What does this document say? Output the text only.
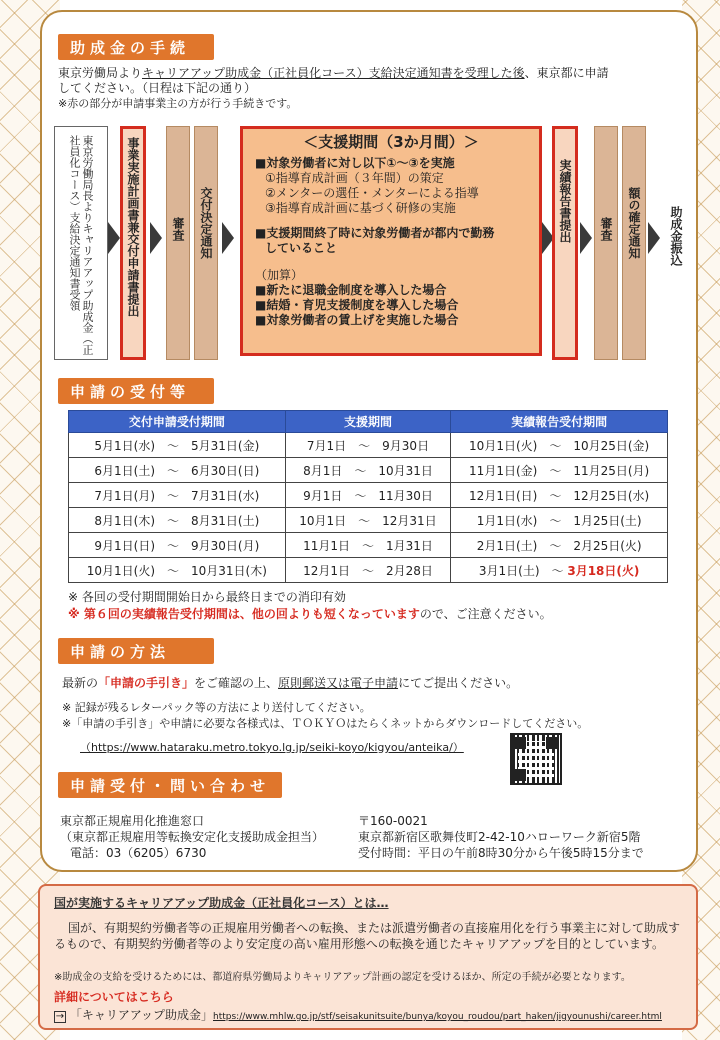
助成金の手続
東京労働局よりキャリアアップ助成金（正社員化コース）支給決定通知書を受理した後、東京都に申請
してください。（日程は下記の通り）
※赤の部分が申請事業主の方が行う手続きです。
東京労働局長よりキャリアアップ助成金（正社員化コース）支給決定通知書受領	事業実施計画書兼交付申請書提出	審査	交付決定通知
＜支援期間（3か月間）＞
■対象労働者に対し以下①～③を実施
①指導育成計画（３年間）の策定
②メンターの選任・メンターによる指導
③指導育成計画に基づく研修の実施
■支援期間終了時に対象労働者が都内で勤務
していること
（加算）
■新たに退職金制度を導入した場合
■結婚・育児支援制度を導入した場合
■対象労働者の賃上げを実施した場合
実績報告書提出	審査	額の確定通知	助成金振込
申請の受付等
交付申請受付期間	支援期間	実績報告受付期間
5月1日(水)　～　5月31日(金)	7月1日　～　9月30日	10月1日(火)　～　10月25日(金)
6月1日(土)　～　6月30日(日)	8月1日　～　10月31日	11月1日(金)　～　11月25日(月)
7月1日(月)　～　7月31日(水)	9月1日　～　11月30日	12月1日(日)　～　12月25日(水)
8月1日(木)　～　8月31日(土)	10月1日　～　12月31日	1月1日(水)　～　1月25日(土)
9月1日(日)　～　9月30日(月)	11月1日　～　1月31日	2月1日(土)　～　2月25日(火)
10月1日(火)　～　10月31日(木)	12月1日　～　2月28日	3月1日(土)　～ 3月18日(火)
※ 各回の受付期間開始日から最終日までの消印有効
※ 第６回の実績報告受付期間は、他の回よりも短くなっていますので、ご注意ください。
申請の方法
最新の「申請の手引き」をご確認の上、原則郵送又は電子申請にてご提出ください。
※ 記録が残るレターパック等の方法により送付してください。
※「申請の手引き」や申請に必要な各様式は、ＴＯＫＹＯはたらくネットからダウンロードしてください。
（https://www.hataraku.metro.tokyo.lg.jp/seiki-koyo/kigyou/anteika/）
申請受付・問い合わせ
東京都正規雇用化推進窓口
（東京都正規雇用等転換安定化支援助成金担当）
電話：03（6205）6730
〒160-0021
東京都新宿区歌舞伎町2-42-10ハローワーク新宿5階
受付時間：平日の午前8時30分から午後5時15分まで
国が実施するキャリアアップ助成金（正社員化コース）とは…
国が、有期契約労働者等の正規雇用労働者への転換、または派遣労働者の直接雇用化を行う事業主に対して助成するもので、有期契約労働者等のより安定度の高い雇用形態への転換を通じたキャリアアップを目的としています。
※助成金の支給を受けるためには、都道府県労働局よりキャリアアップ計画の認定を受けるほか、所定の手続が必要となります。
詳細についてはこちら
→ 「キャリアアップ助成金」https://www.mhlw.go.jp/stf/seisakunitsuite/bunya/koyou_roudou/part_haken/jigyounushi/career.html
